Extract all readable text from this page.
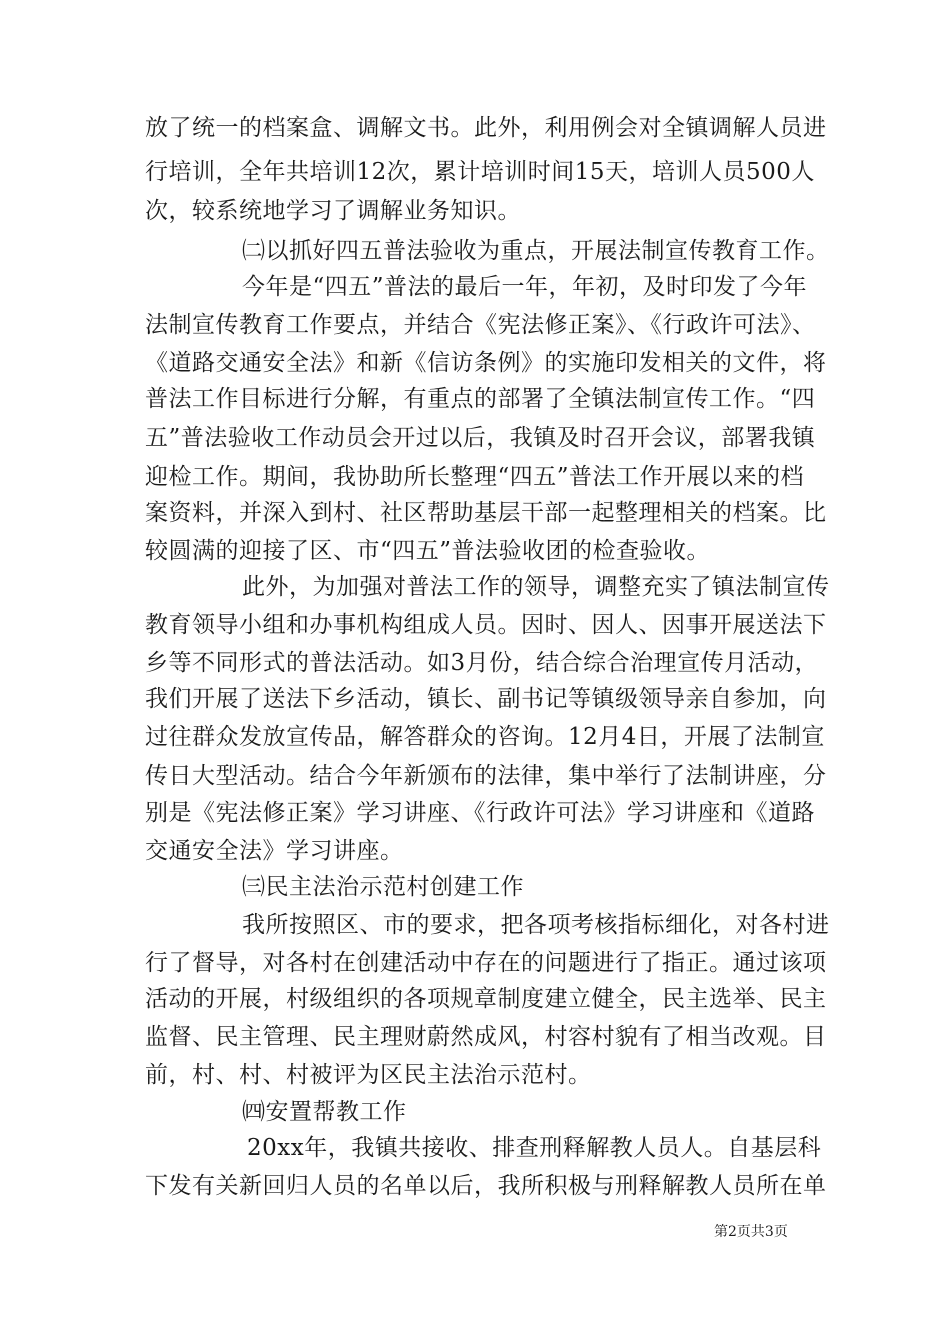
放了统一的档案盒、调解文书。此外，利用例会对全镇调解人员进
行培训，全年共培训12次，累计培训时间15天，培训人员500人
次，较系统地学习了调解业务知识。
㈡以抓好四五普法验收为重点，开展法制宣传教育工作。
今年是“四五”普法的最后一年，年初，及时印发了今年
法制宣传教育工作要点，并结合《宪法修正案》、《行政许可法》、
《道路交通安全法》和新《信访条例》的实施印发相关的文件，将
普法工作目标进行分解，有重点的部署了全镇法制宣传工作。“四
五”普法验收工作动员会开过以后，我镇及时召开会议，部署我镇
迎检工作。期间，我协助所长整理“四五”普法工作开展以来的档
案资料，并深入到村、社区帮助基层干部一起整理相关的档案。比
较圆满的迎接了区、市“四五”普法验收团的检查验收。
此外，为加强对普法工作的领导，调整充实了镇法制宣传
教育领导小组和办事机构组成人员。因时、因人、因事开展送法下
乡等不同形式的普法活动。如3月份，结合综合治理宣传月活动，
我们开展了送法下乡活动，镇长、副书记等镇级领导亲自参加，向
过往群众发放宣传品，解答群众的咨询。12月4日，开展了法制宣
传日大型活动。结合今年新颁布的法律，集中举行了法制讲座，分
别是《宪法修正案》学习讲座、《行政许可法》学习讲座和《道路
交通安全法》学习讲座。
㈢民主法治示范村创建工作
我所按照区、市的要求，把各项考核指标细化，对各村进
行了督导，对各村在创建活动中存在的问题进行了指正。通过该项
活动的开展，村级组织的各项规章制度建立健全，民主选举、民主
监督、民主管理、民主理财蔚然成风，村容村貌有了相当改观。目
前，村、村、村被评为区民主法治示范村。
㈣安置帮教工作
20xx年，我镇共接收、排查刑释解教人员人。自基层科
下发有关新回归人员的名单以后，我所积极与刑释解教人员所在单
第2页共3页
